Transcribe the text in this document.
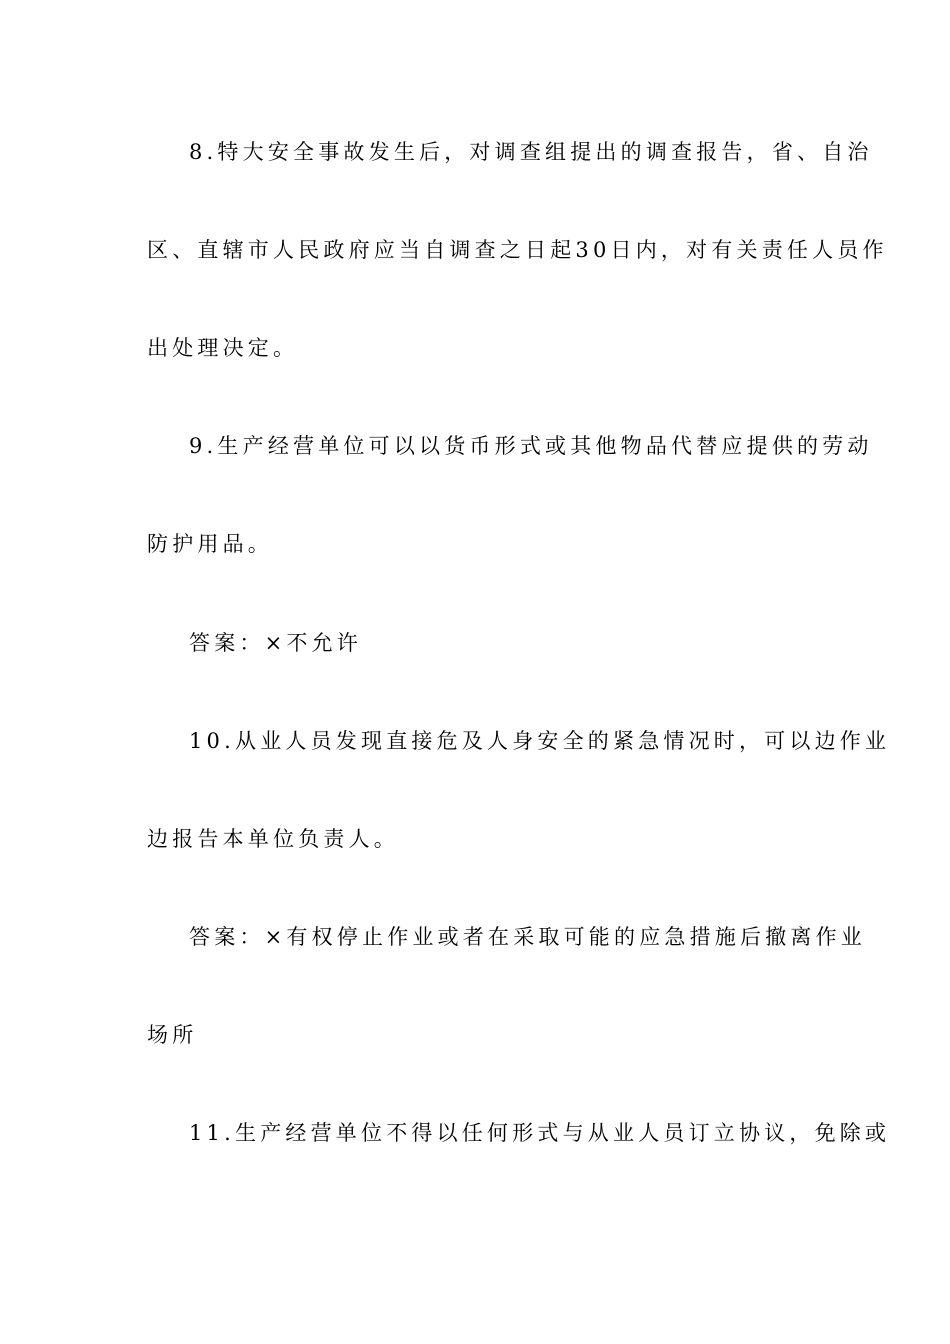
8.特大安全事故发生后，对调查组提出的调查报告，省、自治
区、直辖市人民政府应当自调查之日起30日内，对有关责任人员作
出处理决定。
9.生产经营单位可以以货币形式或其他物品代替应提供的劳动
防护用品。
答案：×不允许
10.从业人员发现直接危及人身安全的紧急情况时，可以边作业
边报告本单位负责人。
答案：×有权停止作业或者在采取可能的应急措施后撤离作业
场所
11.生产经营单位不得以任何形式与从业人员订立协议，免除或
